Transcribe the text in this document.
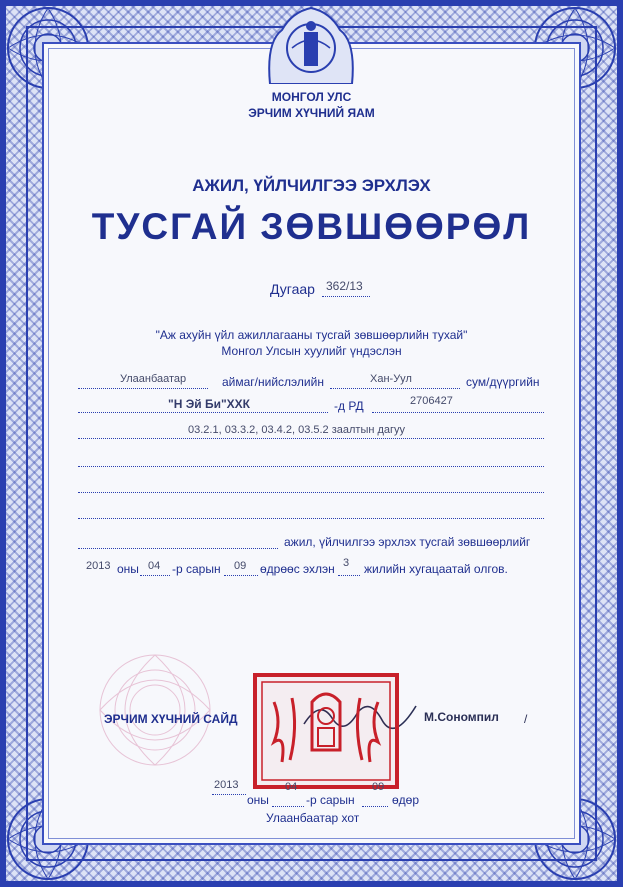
МОНГОЛ УЛС
ЭРЧИМ ХҮЧНИЙ ЯАМ
АЖИЛ, ҮЙЛЧИЛГЭЭ ЭРХЛЭХ
ТУСГАЙ ЗӨВШӨӨРӨЛ
Дугаар 362/13
"Аж ахуйн үйл ажиллагааны тусгай зөвшөөрлийн тухай"
Монгол Улсын хуулийг үндэслэн
Улаанбаатар	аймаг/нийслэлийн	Хан-Уул	сум/дүүргийн
"Н Эй Би"ХХК	-д РД	2706427
03.2.1, 03.3.2, 03.4.2, 03.5.2 заалтын дагуу
ажил, үйлчилгээ эрхлэх тусгай зөвшөөрлийг
2013 оны 04 -р сарын 09 өдрөөс эхлэн 3 жилийн хугацаатай олгов.
ЭРЧИМ ХҮЧНИЙ САЙД	М.Сономпил /
2013
оны
04
-р сарын
09
өдөр
Улаанбаатар хот
